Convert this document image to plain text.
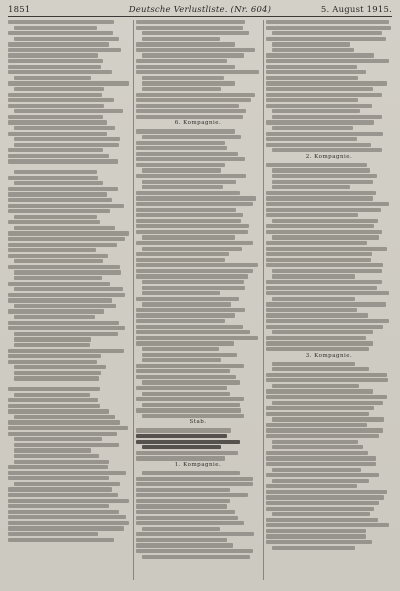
1851	Deutsche Verlustliste. (Nr. 604)	5. August 1915.
6. Kompagnie.
Stab.
1. Kompagnie.
2. Kompagnie.
3. Kompagnie.
